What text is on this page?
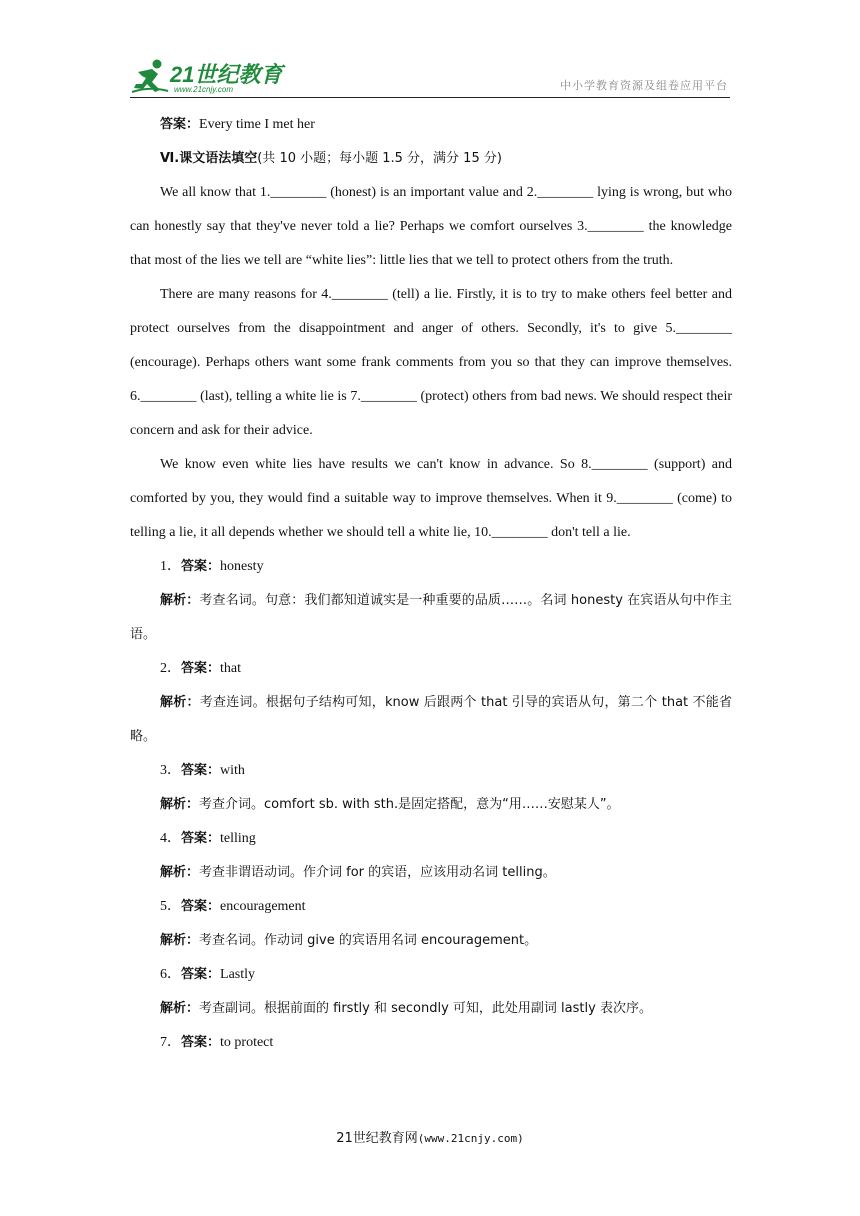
21世纪教育
www.21cnjy.com	中小学教育资源及组卷应用平台
答案：Every time I met her
Ⅵ.课文语法填空(共 10 小题；每小题 1.5 分，满分 15 分)

We all know that 1.________ (honest) is an important value and 2.________ lying is wrong, but who can honestly say that they've never told a lie? Perhaps we comfort ourselves 3.________ the knowledge that most of the lies we tell are “white lies”: little lies that we tell to protect others from the truth.

There are many reasons for 4.________ (tell) a lie. Firstly, it is to try to make others feel better and protect ourselves from the disappointment and anger of others. Secondly, it's to give 5.________ (encourage). Perhaps others want some frank comments from you so that they can improve themselves. 6.________ (last), telling a white lie is 7.________ (protect) others from bad news. We should respect their concern and ask for their advice.

We know even white lies have results we can't know in advance. So 8.________ (support) and comforted by you, they would find a suitable way to improve themselves. When it 9.________ (come) to telling a lie, it all depends whether we should tell a white lie, 10.________ don't tell a lie.

1．答案：honesty

解析：考查名词。句意：我们都知道诚实是一种重要的品质……。名词 honesty 在宾语从句中作主语。

2．答案：that

解析：考查连词。根据句子结构可知，know 后跟两个 that 引导的宾语从句，第二个 that 不能省略。

3．答案：with

解析：考查介词。comfort sb. with sth.是固定搭配，意为“用……安慰某人”。

4．答案：telling

解析：考查非谓语动词。作介词 for 的宾语，应该用动名词 telling。

5．答案：encouragement

解析：考查名词。作动词 give 的宾语用名词 encouragement。

6．答案：Lastly

解析：考查副词。根据前面的 firstly 和 secondly 可知，此处用副词 lastly 表次序。

7．答案：to protect
21世纪教育网(www.21cnjy.com)
